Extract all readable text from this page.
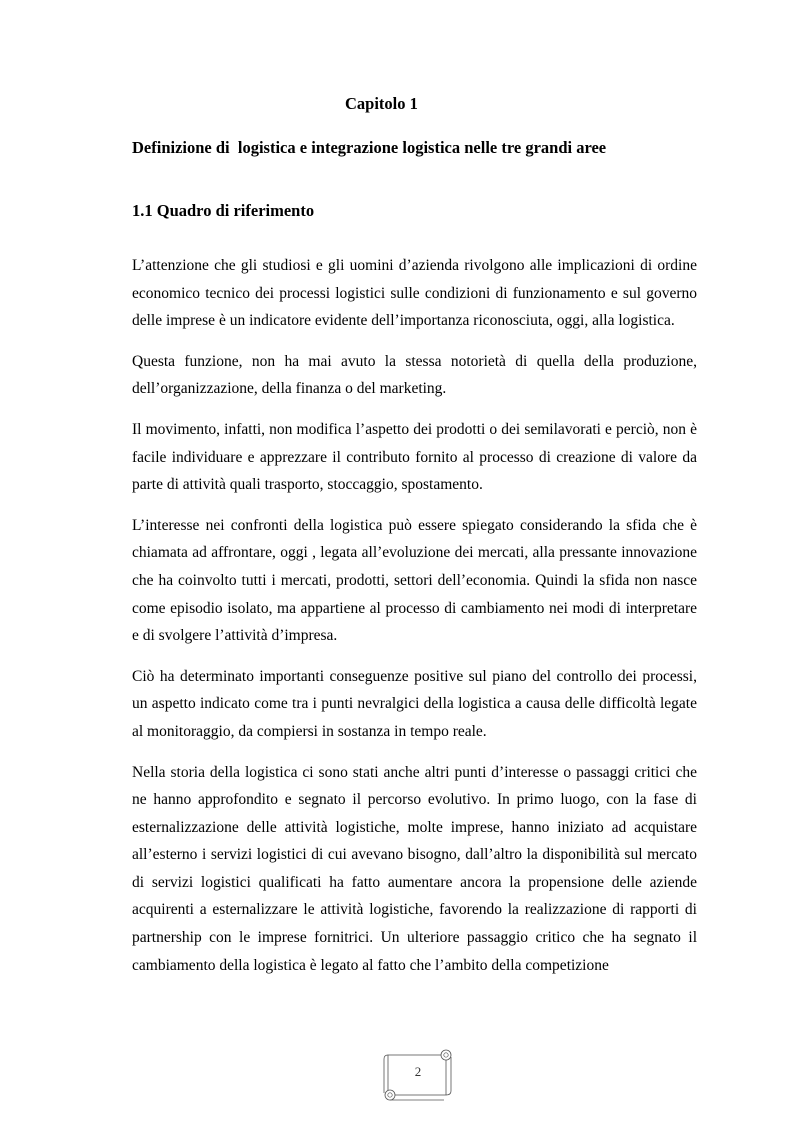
Capitolo 1
Definizione di  logistica e integrazione logistica nelle tre grandi aree
1.1 Quadro di riferimento

L’attenzione che gli studiosi e gli uomini d’azienda rivolgono alle implicazioni di ordine economico tecnico dei processi logistici sulle condizioni di funzionamento e sul governo delle imprese è un indicatore evidente dell’importanza riconosciuta, oggi, alla logistica.

Questa funzione, non ha mai avuto la stessa notorietà di quella della produzione, dell’organizzazione, della finanza o del marketing.

Il movimento, infatti, non modifica l’aspetto dei prodotti o dei semilavorati e perciò, non è facile individuare e apprezzare il contributo fornito al processo di creazione di valore da parte di attività quali trasporto, stoccaggio, spostamento.

L’interesse nei confronti della logistica può essere spiegato considerando la sfida che è chiamata ad affrontare, oggi , legata all’evoluzione dei mercati, alla pressante innovazione che ha coinvolto tutti i mercati, prodotti, settori dell’economia. Quindi la sfida non nasce come episodio isolato, ma appartiene al processo di cambiamento nei modi di interpretare e di svolgere l’attività d’impresa.

Ciò ha determinato importanti conseguenze positive sul piano del controllo dei processi, un aspetto indicato come tra i punti nevralgici della logistica a causa delle difficoltà legate al monitoraggio, da compiersi in sostanza in tempo reale.

Nella storia della logistica ci sono stati anche altri punti d’interesse o passaggi critici che ne hanno approfondito e segnato il percorso evolutivo. In primo luogo, con la fase di esternalizzazione delle attività logistiche, molte imprese, hanno iniziato ad acquistare all’esterno i servizi logistici di cui avevano bisogno, dall’altro la disponibilità sul mercato di servizi logistici qualificati ha fatto aumentare ancora la propensione delle aziende acquirenti a esternalizzare le attività logistiche, favorendo la realizzazione di rapporti di partnership con le imprese fornitrici. Un ulteriore passaggio critico che ha segnato il cambiamento della logistica è legato al fatto che l’ambito della competizione

2
